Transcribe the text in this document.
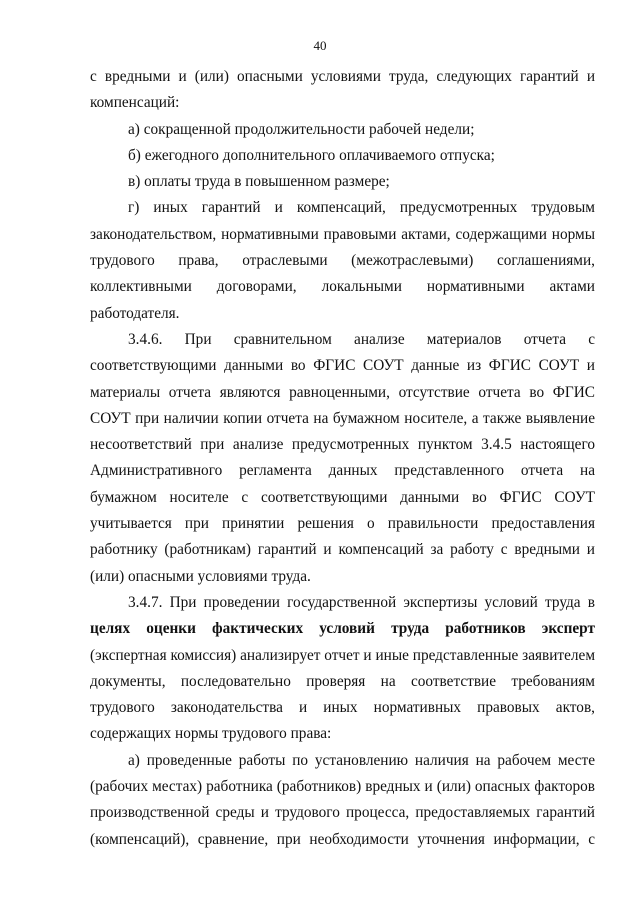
40
с вредными и (или) опасными условиями труда, следующих гарантий и
компенсаций:
а) сокращенной продолжительности рабочей недели;
б) ежегодного дополнительного оплачиваемого отпуска;
в) оплаты труда в повышенном размере;
г) иных гарантий и компенсаций, предусмотренных трудовым
законодательством, нормативными правовыми актами, содержащими нормы
трудового права, отраслевыми (межотраслевыми) соглашениями,
коллективными договорами, локальными нормативными актами
работодателя.
3.4.6. При сравнительном анализе материалов отчета с
соответствующими данными во ФГИС СОУТ данные из ФГИС СОУТ и
материалы отчета являются равноценными, отсутствие отчета во ФГИС
СОУТ при наличии копии отчета на бумажном носителе, а также выявление
несоответствий при анализе предусмотренных пунктом 3.4.5 настоящего
Административного регламента данных представленного отчета на
бумажном носителе с соответствующими данными во ФГИС СОУТ
учитывается при принятии решения о правильности предоставления
работнику (работникам) гарантий и компенсаций за работу с вредными и
(или) опасными условиями труда.
3.4.7. При проведении государственной экспертизы условий труда в
целях оценки фактических условий труда работников эксперт
(экспертная комиссия) анализирует отчет и иные представленные заявителем
документы, последовательно проверяя на соответствие требованиям
трудового законодательства и иных нормативных правовых актов,
содержащих нормы трудового права:
а) проведенные работы по установлению наличия на рабочем месте
(рабочих местах) работника (работников) вредных и (или) опасных факторов
производственной среды и трудового процесса, предоставляемых гарантий
(компенсаций), сравнение, при необходимости уточнения информации, с
